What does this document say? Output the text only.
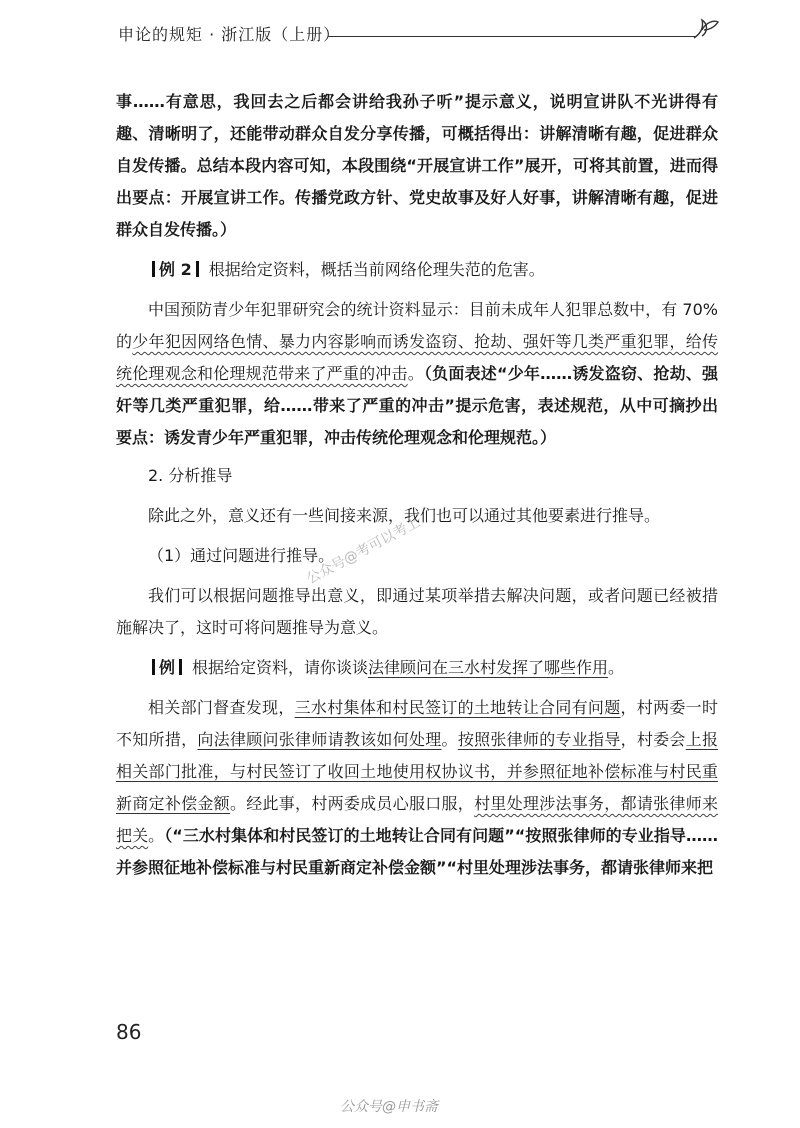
申论的规矩 · 浙江版（上册）

事……有意思，我回去之后都会讲给我孙子听”提示意义，说明宣讲队不光讲得有趣、清晰明了，还能带动群众自发分享传播，可概括得出：讲解清晰有趣，促进群众自发传播。总结本段内容可知，本段围绕“开展宣讲工作”展开，可将其前置，进而得出要点：开展宣讲工作。传播党政方针、党史故事及好人好事，讲解清晰有趣，促进群众自发传播。）

例 2 根据给定资料，概括当前网络伦理失范的危害。

中国预防青少年犯罪研究会的统计资料显示：目前未成年人犯罪总数中，有 70% 的少年犯因网络色情、暴力内容影响而诱发盗窃、抢劫、强奸等几类严重犯罪，给传统伦理观念和伦理规范带来了严重的冲击。（负面表述“少年……诱发盗窃、抢劫、强奸等几类严重犯罪，给……带来了严重的冲击”提示危害，表述规范，从中可摘抄出要点：诱发青少年严重犯罪，冲击传统伦理观念和伦理规范。）

2. 分析推导

除此之外，意义还有一些间接来源，我们也可以通过其他要素进行推导。

（1）通过问题进行推导。

我们可以根据问题推导出意义，即通过某项举措去解决问题，或者问题已经被措施解决了，这时可将问题推导为意义。

例 根据给定资料，请你谈谈法律顾问在三水村发挥了哪些作用。

相关部门督查发现，三水村集体和村民签订的土地转让合同有问题，村两委一时不知所措，向法律顾问张律师请教该如何处理。按照张律师的专业指导，村委会上报相关部门批准，与村民签订了收回土地使用权协议书，并参照征地补偿标准与村民重新商定补偿金额。经此事，村两委成员心服口服，村里处理涉法事务，都请张律师来把关。（“三水村集体和村民签订的土地转让合同有问题”“按照张律师的专业指导……并参照征地补偿标准与村民重新商定补偿金额”“村里处理涉法事务，都请张律师来把

公众号@考可以考上
86
公众号@申书斋
